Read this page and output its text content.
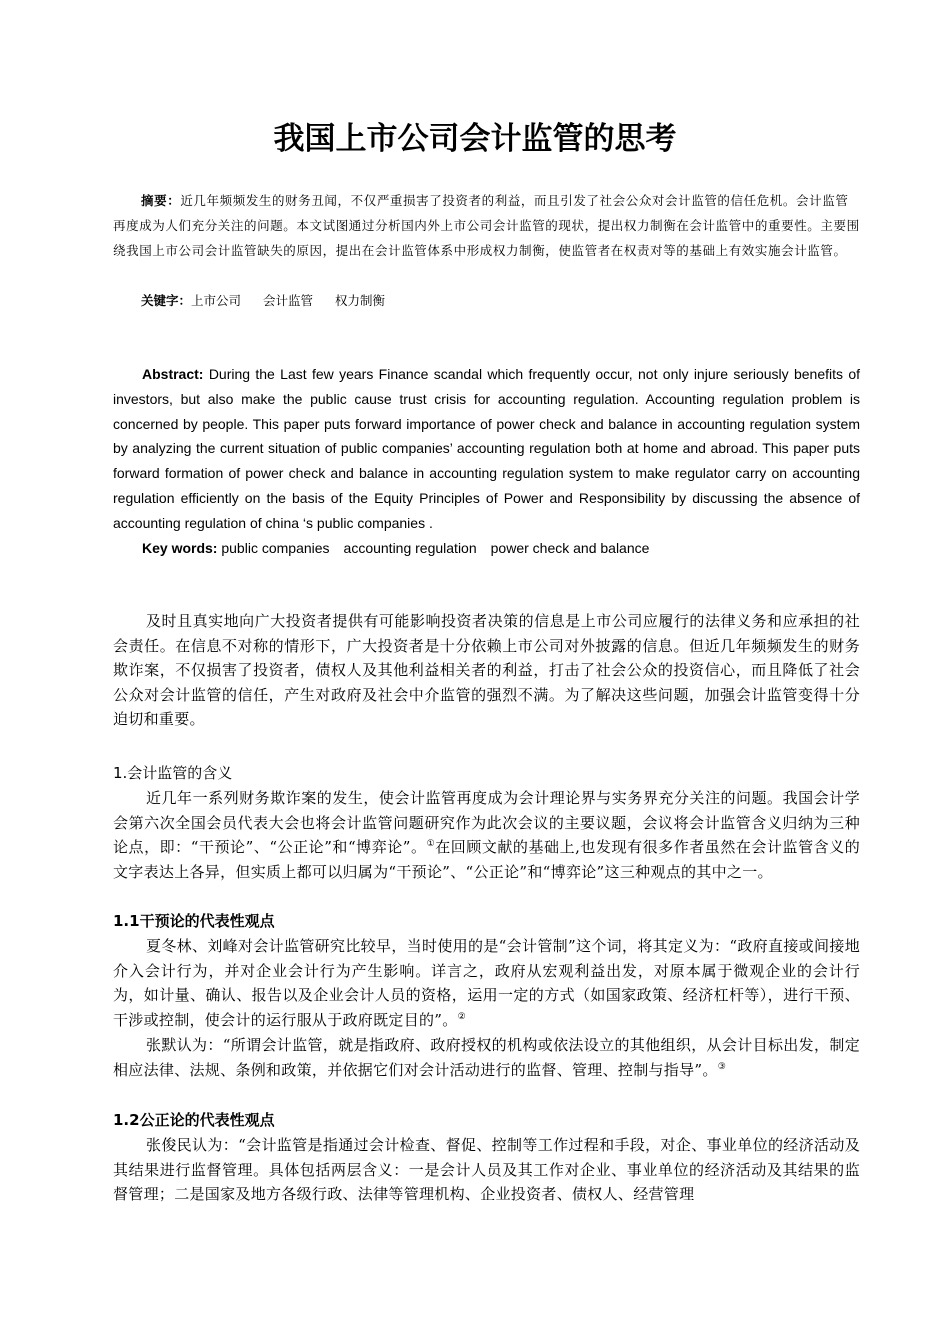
我国上市公司会计监管的思考

摘要：近几年频频发生的财务丑闻，不仅严重损害了投资者的利益，而且引发了社会公众对会计监管的信任危机。会计监管再度成为人们充分关注的问题。本文试图通过分析国内外上市公司会计监管的现状，提出权力制衡在会计监管中的重要性。主要围绕我国上市公司会计监管缺失的原因，提出在会计监管体系中形成权力制衡，使监管者在权责对等的基础上有效实施会计监管。

关键字：上市公司 会计监管 权力制衡

Abstract: During the Last few years Finance scandal which frequently occur, not only injure seriously benefits of investors, but also make the public cause trust crisis for accounting regulation. Accounting regulation problem is concerned by people. This paper puts forward importance of power check and balance in accounting regulation system by analyzing the current situation of public companies’ accounting regulation both at home and abroad. This paper puts forward formation of power check and balance in accounting regulation system to make regulator carry on accounting regulation efficiently on the basis of the Equity Principles of Power and Responsibility by discussing the absence of accounting regulation of china ‘s public companies .

Key words: public companies accounting regulation power check and balance

及时且真实地向广大投资者提供有可能影响投资者决策的信息是上市公司应履行的法律义务和应承担的社会责任。在信息不对称的情形下，广大投资者是十分依赖上市公司对外披露的信息。但近几年频频发生的财务欺诈案，不仅损害了投资者，债权人及其他利益相关者的利益，打击了社会公众的投资信心，而且降低了社会公众对会计监管的信任，产生对政府及社会中介监管的强烈不满。为了解决这些问题，加强会计监管变得十分迫切和重要。

1.会计监管的含义

近几年一系列财务欺诈案的发生，使会计监管再度成为会计理论界与实务界充分关注的问题。我国会计学会第六次全国会员代表大会也将会计监管问题研究作为此次会议的主要议题，会议将会计监管含义归纳为三种论点，即：“干预论”、“公正论”和“博弈论”。①在回顾文献的基础上,也发现有很多作者虽然在会计监管含义的文字表达上各异，但实质上都可以归属为“干预论”、“公正论”和“博弈论”这三种观点的其中之一。

1.1干预论的代表性观点

夏冬林、刘峰对会计监管研究比较早，当时使用的是“会计管制”这个词，将其定义为：“政府直接或间接地介入会计行为，并对企业会计行为产生影响。详言之，政府从宏观利益出发，对原本属于微观企业的会计行为，如计量、确认、报告以及企业会计人员的资格，运用一定的方式（如国家政策、经济杠杆等），进行干预、干涉或控制，使会计的运行服从于政府既定目的”。②

张默认为：“所谓会计监管，就是指政府、政府授权的机构或依法设立的其他组织，从会计目标出发，制定相应法律、法规、条例和政策，并依据它们对会计活动进行的监督、管理、控制与指导”。③

1.2公正论的代表性观点

张俊民认为：“会计监管是指通过会计检查、督促、控制等工作过程和手段，对企、事业单位的经济活动及其结果进行监督管理。具体包括两层含义：一是会计人员及其工作对企业、事业单位的经济活动及其结果的监督管理；二是国家及地方各级行政、法律等管理机构、企业投资者、债权人、经营管理
